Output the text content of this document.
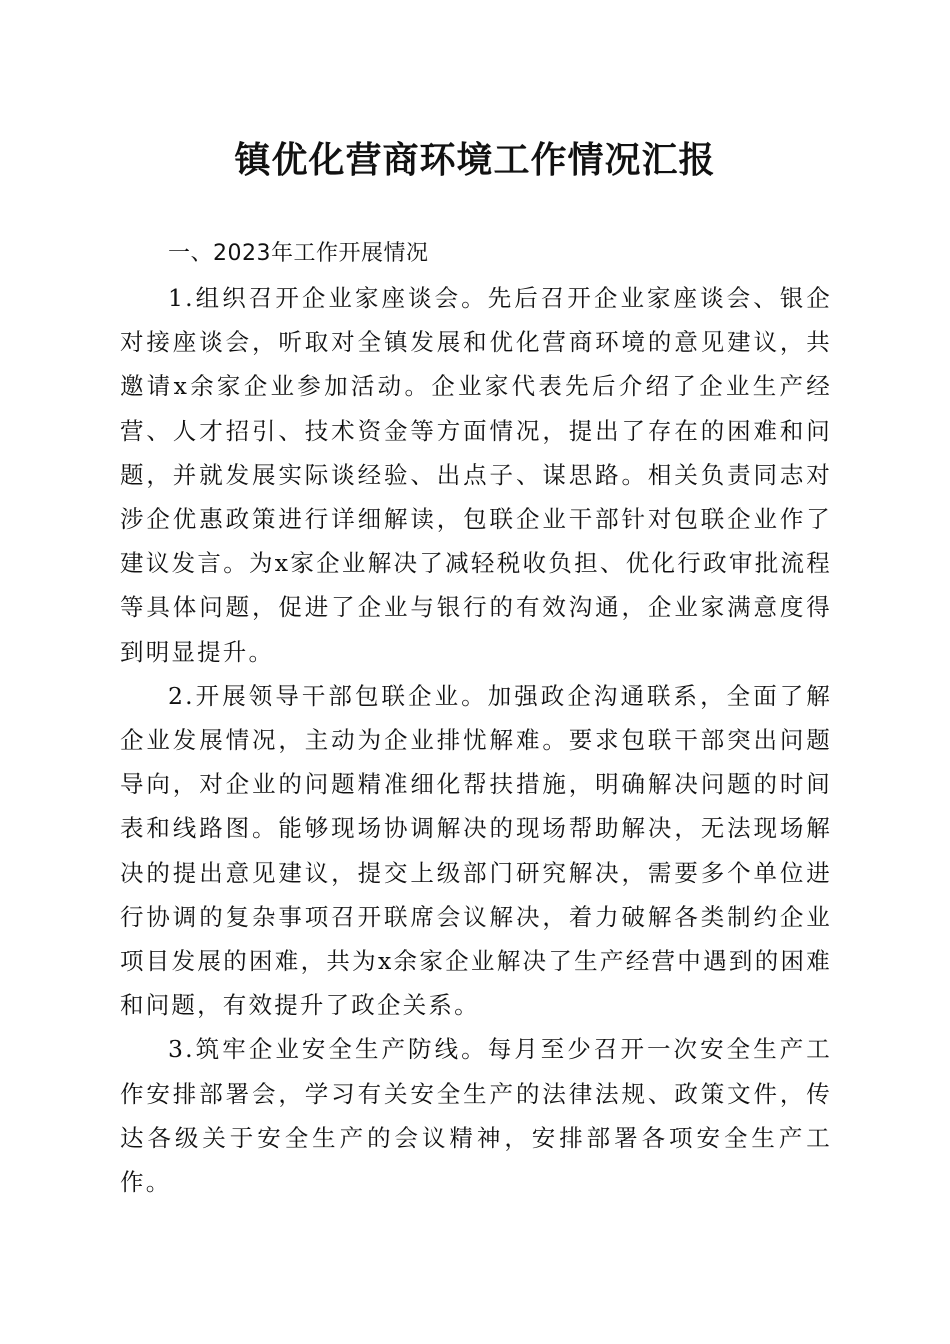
镇优化营商环境工作情况汇报
一、2023年工作开展情况

1.组织召开企业家座谈会。先后召开企业家座谈会、银企对接座谈会，听取对全镇发展和优化营商环境的意见建议，共邀请x余家企业参加活动。企业家代表先后介绍了企业生产经营、人才招引、技术资金等方面情况，提出了存在的困难和问题，并就发展实际谈经验、出点子、谋思路。相关负责同志对涉企优惠政策进行详细解读，包联企业干部针对包联企业作了建议发言。为x家企业解决了减轻税收负担、优化行政审批流程等具体问题，促进了企业与银行的有效沟通，企业家满意度得到明显提升。

2.开展领导干部包联企业。加强政企沟通联系，全面了解企业发展情况，主动为企业排忧解难。要求包联干部突出问题导向，对企业的问题精准细化帮扶措施，明确解决问题的时间表和线路图。能够现场协调解决的现场帮助解决，无法现场解决的提出意见建议，提交上级部门研究解决，需要多个单位进行协调的复杂事项召开联席会议解决，着力破解各类制约企业项目发展的困难，共为x余家企业解决了生产经营中遇到的困难和问题，有效提升了政企关系。

3.筑牢企业安全生产防线。每月至少召开一次安全生产工作安排部署会，学习有关安全生产的法律法规、政策文件，传达各级关于安全生产的会议精神，安排部署各项安全生产工作。
